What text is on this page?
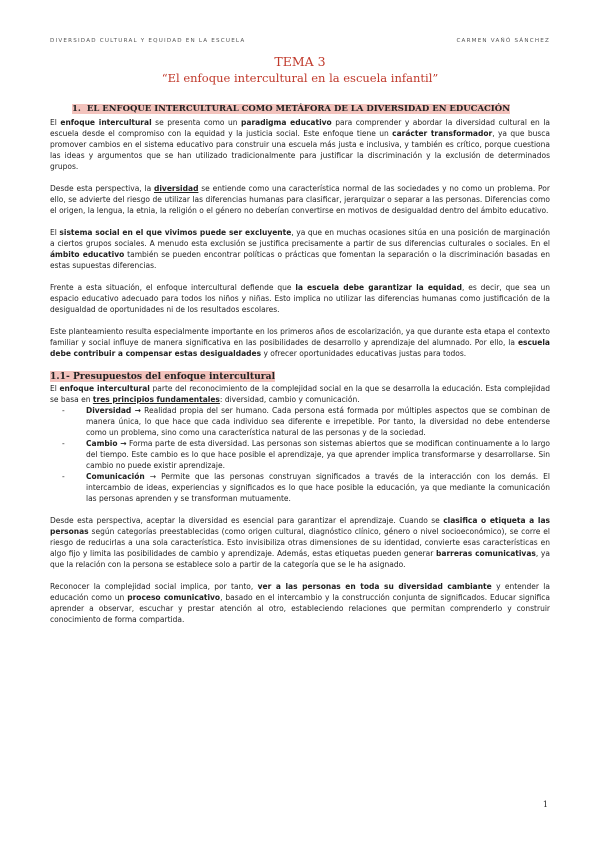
DIVERSIDAD CULTURAL Y EQUIDAD EN LA ESCUELA	CARMEN VAÑÓ SÁNCHEZ
TEMA 3
“El enfoque intercultural en la escuela infantil”
1. EL ENFOQUE INTERCULTURAL COMO METÁFORA DE LA DIVERSIDAD EN EDUCACIÓN

El enfoque intercultural se presenta como un paradigma educativo para comprender y abordar la diversidad cultural en la escuela desde el compromiso con la equidad y la justicia social. Este enfoque tiene un carácter transformador, ya que busca promover cambios en el sistema educativo para construir una escuela más justa e inclusiva, y también es crítico, porque cuestiona las ideas y argumentos que se han utilizado tradicionalmente para justificar la discriminación y la exclusión de determinados grupos.

Desde esta perspectiva, la diversidad se entiende como una característica normal de las sociedades y no como un problema. Por ello, se advierte del riesgo de utilizar las diferencias humanas para clasificar, jerarquizar o separar a las personas. Diferencias como el origen, la lengua, la etnia, la religión o el género no deberían convertirse en motivos de desigualdad dentro del ámbito educativo.

El sistema social en el que vivimos puede ser excluyente, ya que en muchas ocasiones sitúa en una posición de marginación a ciertos grupos sociales. A menudo esta exclusión se justifica precisamente a partir de sus diferencias culturales o sociales. En el ámbito educativo también se pueden encontrar políticas o prácticas que fomentan la separación o la discriminación basadas en estas supuestas diferencias.

Frente a esta situación, el enfoque intercultural defiende que la escuela debe garantizar la equidad, es decir, que sea un espacio educativo adecuado para todos los niños y niñas. Esto implica no utilizar las diferencias humanas como justificación de la desigualdad de oportunidades ni de los resultados escolares.

Este planteamiento resulta especialmente importante en los primeros años de escolarización, ya que durante esta etapa el contexto familiar y social influye de manera significativa en las posibilidades de desarrollo y aprendizaje del alumnado. Por ello, la escuela debe contribuir a compensar estas desigualdades y ofrecer oportunidades educativas justas para todos.

1.1- Presupuestos del enfoque intercultural

El enfoque intercultural parte del reconocimiento de la complejidad social en la que se desarrolla la educación. Esta complejidad se basa en tres principios fundamentales: diversidad, cambio y comunicación.

- Diversidad → Realidad propia del ser humano. Cada persona está formada por múltiples aspectos que se combinan de manera única, lo que hace que cada individuo sea diferente e irrepetible. Por tanto, la diversidad no debe entenderse como un problema, sino como una característica natural de las personas y de la sociedad.
- Cambio → Forma parte de esta diversidad. Las personas son sistemas abiertos que se modifican continuamente a lo largo del tiempo. Este cambio es lo que hace posible el aprendizaje, ya que aprender implica transformarse y desarrollarse. Sin cambio no puede existir aprendizaje.
- Comunicación → Permite que las personas construyan significados a través de la interacción con los demás. El intercambio de ideas, experiencias y significados es lo que hace posible la educación, ya que mediante la comunicación las personas aprenden y se transforman mutuamente.

Desde esta perspectiva, aceptar la diversidad es esencial para garantizar el aprendizaje. Cuando se clasifica o etiqueta a las personas según categorías preestablecidas (como origen cultural, diagnóstico clínico, género o nivel socioeconómico), se corre el riesgo de reducirlas a una sola característica. Esto invisibiliza otras dimensiones de su identidad, convierte esas características en algo fijo y limita las posibilidades de cambio y aprendizaje. Además, estas etiquetas pueden generar barreras comunicativas, ya que la relación con la persona se establece solo a partir de la categoría que se le ha asignado.

Reconocer la complejidad social implica, por tanto, ver a las personas en toda su diversidad cambiante y entender la educación como un proceso comunicativo, basado en el intercambio y la construcción conjunta de significados. Educar significa aprender a observar, escuchar y prestar atención al otro, estableciendo relaciones que permitan comprenderlo y construir conocimiento de forma compartida.

1
